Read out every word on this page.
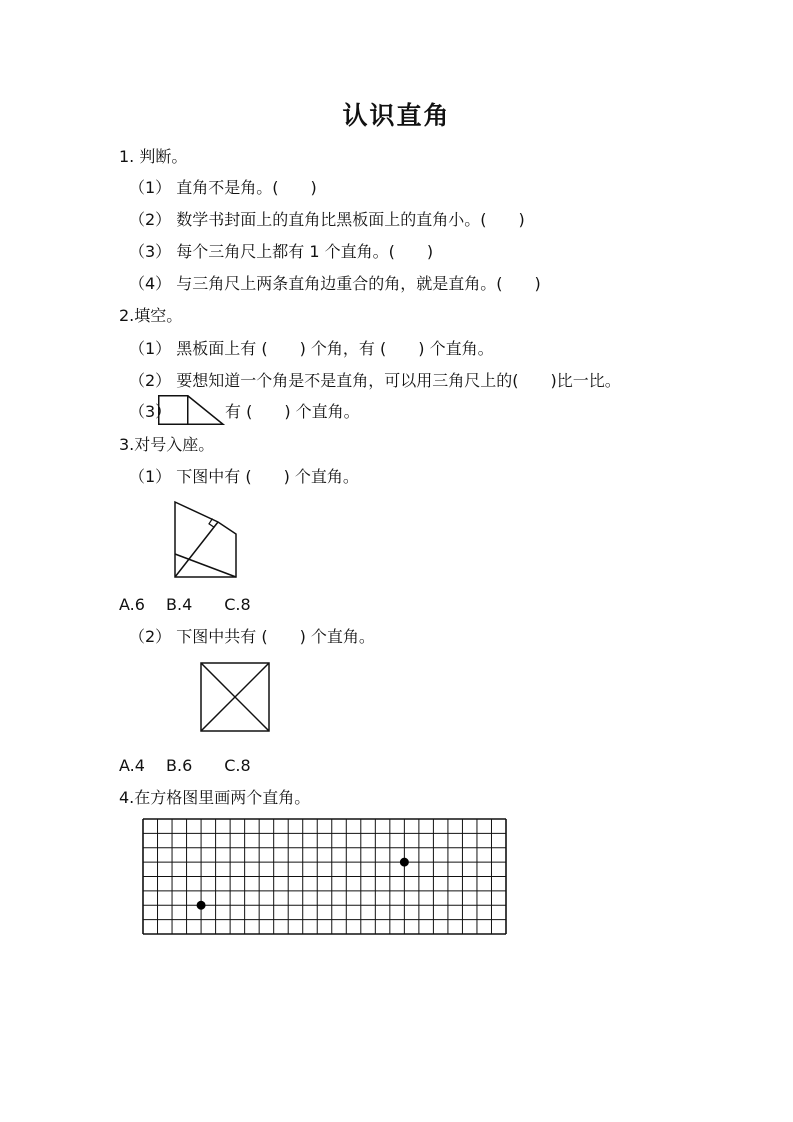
认识直角
1. 判断。
（1） 直角不是角。(　　)
（2） 数学书封面上的直角比黑板面上的直角小。(　　)
（3） 每个三角尺上都有 1 个直角。(　　)
（4） 与三角尺上两条直角边重合的角，就是直角。(　　)
2.填空。
（1） 黑板面上有 (　　) 个角，有 (　　) 个直角。
（2） 要想知道一个角是不是直角，可以用三角尺上的(　　)比一比。
（3）	有 (　　) 个直角。
3.对号入座。
（1） 下图中有 (　　) 个直角。
A.6　 B.4　　C.8
（2） 下图中共有 (　　) 个直角。
A.4　 B.6　　C.8
4.在方格图里画两个直角。
